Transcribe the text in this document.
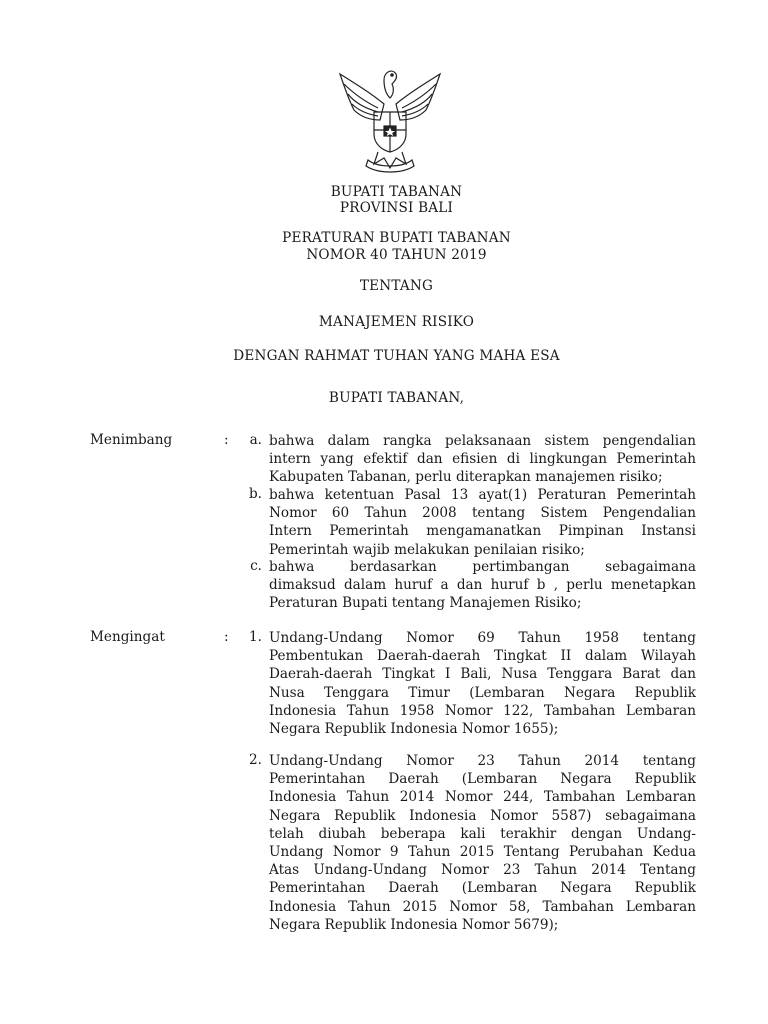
BUPATI TABANAN
PROVINSI BALI
PERATURAN BUPATI TABANAN
NOMOR 40 TAHUN 2019
TENTANG
MANAJEMEN RISIKO
DENGAN RAHMAT TUHAN YANG MAHA ESA
BUPATI TABANAN,
Menimbang	:	a. bahwa dalam rangka pelaksanaan sistem pengendalian
intern yang efektif dan efisien di lingkungan Pemerintah
Kabupaten Tabanan, perlu diterapkan manajemen risiko;
b. bahwa ketentuan Pasal 13 ayat(1) Peraturan Pemerintah
Nomor 60 Tahun 2008 tentang Sistem Pengendalian
Intern Pemerintah mengamanatkan Pimpinan Instansi
Pemerintah wajib melakukan penilaian risiko;
c. bahwa berdasarkan pertimbangan sebagaimana
dimaksud dalam huruf a dan huruf b , perlu menetapkan
Peraturan Bupati tentang Manajemen Risiko;
Mengingat	:	1. Undang-Undang Nomor 69 Tahun 1958 tentang
Pembentukan Daerah-daerah Tingkat II dalam Wilayah
Daerah-daerah Tingkat I Bali, Nusa Tenggara Barat dan
Nusa Tenggara Timur (Lembaran Negara Republik
Indonesia Tahun 1958 Nomor 122, Tambahan Lembaran
Negara Republik Indonesia Nomor 1655);
2. Undang-Undang Nomor 23 Tahun 2014 tentang
Pemerintahan Daerah (Lembaran Negara Republik
Indonesia Tahun 2014 Nomor 244, Tambahan Lembaran
Negara Republik Indonesia Nomor 5587) sebagaimana
telah diubah beberapa kali terakhir dengan Undang-
Undang Nomor 9 Tahun 2015 Tentang Perubahan Kedua
Atas Undang-Undang Nomor 23 Tahun 2014 Tentang
Pemerintahan Daerah (Lembaran Negara Republik
Indonesia Tahun 2015 Nomor 58, Tambahan Lembaran
Negara Republik Indonesia Nomor 5679);
